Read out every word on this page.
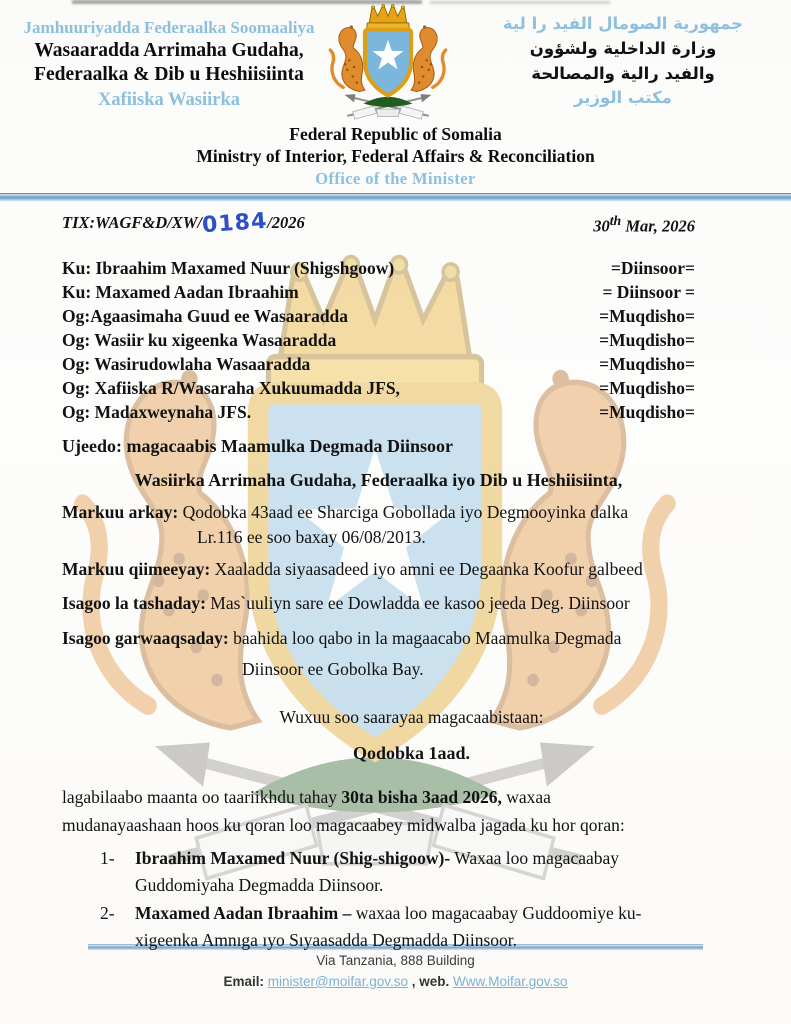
Jamhuuriyadda Federaalka Soomaaliya
Wasaaradda Arrimaha Gudaha,
Federaalka & Dib u Heshiisiinta
Xafiiska Wasiirka
جمهورية الصومال الفيد را لية
وزارة الداخلية ولشؤون
والفيد رالية والمصالحة
مكتب الوزير
Federal Republic of Somalia
Ministry of Interior, Federal Affairs & Reconciliation
Office of the Minister
TIX:WAGF&D/XW/0184/2026	30th Mar, 2026
Ku: Ibraahim Maxamed Nuur (Shigshgoow)	=Diinsoor=
Ku: Maxamed Aadan Ibraahim	= Diinsoor =
Og:Agaasimaha Guud ee Wasaaradda	=Muqdisho=
Og: Wasiir ku xigeenka Wasaaradda	=Muqdisho=
Og: Wasirudowlaha Wasaaradda	=Muqdisho=
Og: Xafiiska R/Wasaraha Xukuumadda JFS,	=Muqdisho=
Og: Madaxweynaha JFS.	=Muqdisho=
Ujeedo: magacaabis Maamulka Degmada Diinsoor
Wasiirka Arrimaha Gudaha, Federaalka iyo Dib u Heshiisiinta,

Markuu arkay: Qodobka 43aad ee Sharciga Gobollada iyo Degmooyinka dalka

Lr.116 ee soo baxay 06/08/2013.

Markuu qiimeeyay: Xaaladda siyaasadeed iyo amni ee Degaanka Koofur galbeed

Isagoo la tashaday: Mas`uuliyn sare ee Dowladda ee kasoo jeeda Deg. Diinsoor

Isagoo garwaaqsaday: baahida loo qabo in la magaacabo Maamulka Degmada

Diinsoor ee Gobolka Bay.

Wuxuu soo saarayaa magacaabistaan:

Qodobka 1aad.

lagabilaabo maanta oo taariikhdu tahay 30ta bisha 3aad 2026, waxaa mudanayaashaan hoos ku qoran loo magacaabey midwalba jagada ku hor qoran:

1-	Ibraahim Maxamed Nuur (Shig-shigoow)- Waxaa loo magacaabay Guddomiyaha Degmadda Diinsoor.
2-	Maxamed Aadan Ibraahim – waxaa loo magacaabay Guddoomiye ku-xigeenka Amnıga ıyo Sıyaasadda Degmadda Diinsoor.
Via Tanzania, 888 Building
Email: minister@moifar.gov.so , web. Www.Moifar.gov.so
